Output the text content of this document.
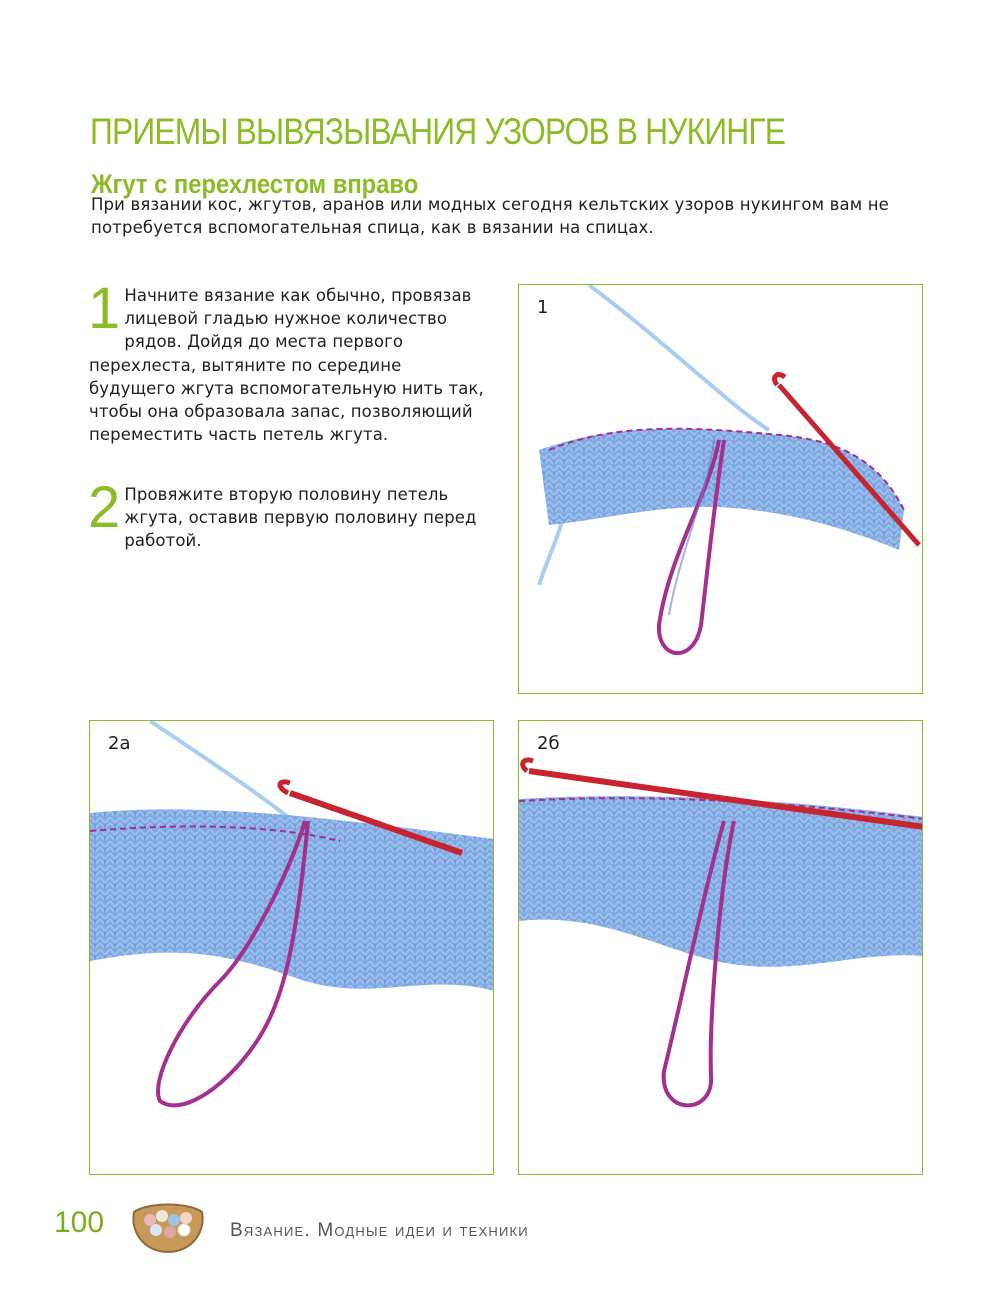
ПРИЕМЫ ВЫВЯЗЫВАНИЯ УЗОРОВ В НУКИНГЕ
Жгут с перехлестом вправо

При вязании кос, жгутов, аранов или модных сегодня кельтских узоров нукингом вам не потребуется вспомогательная спица, как в вязании на спицах.

1 Начните вязание как обычно, провязав лицевой гладью нужное количество рядов. Дойдя до места первого перехлеста, вытяните по середине будущего жгута вспомогательную нить так, чтобы она образовала запас, позволяющий переместить часть петель жгута.
2 Провяжите вторую половину петель жгута, оставив первую половину перед работой.
1
2а	2б
100	Вязание. Модные идеи и техники
